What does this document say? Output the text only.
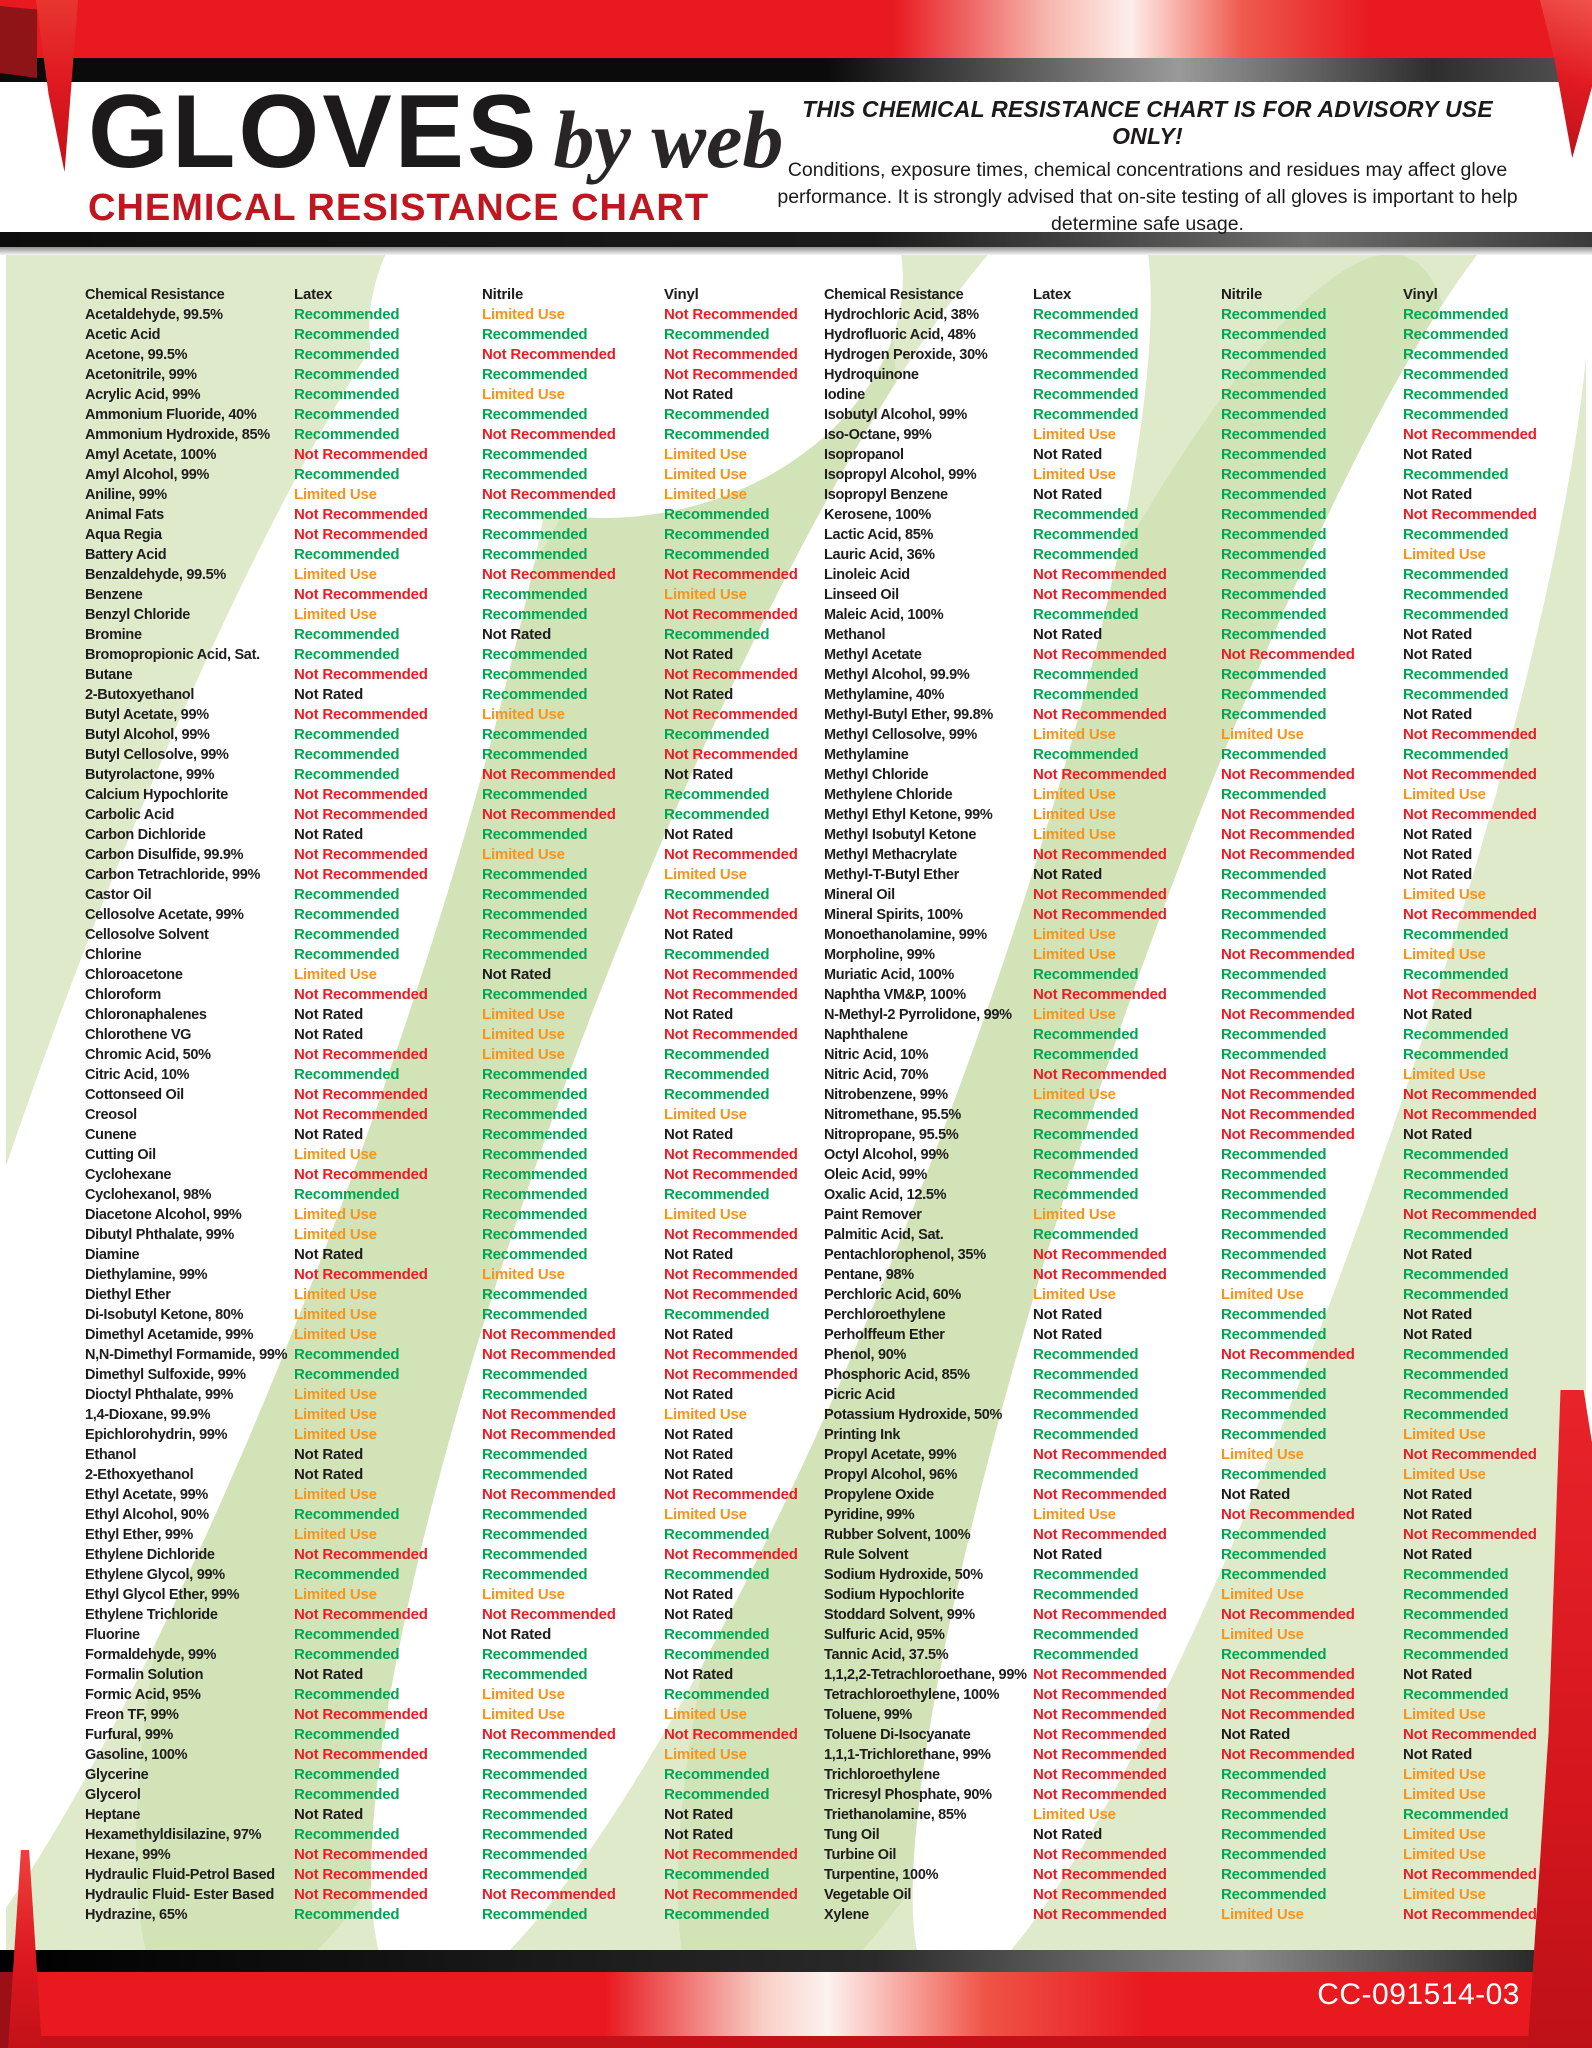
GLOVES by web
CHEMICAL RESISTANCE CHART
THIS CHEMICAL RESISTANCE CHART IS FOR ADVISORY USE ONLY!
Conditions, exposure times, chemical concentrations and residues may affect glove performance. It is strongly advised that on-site testing of all gloves is important to help determine safe usage.
Chemical Resistance	Latex	Nitrile	Vinyl
Acetaldehyde, 99.5%	Recommended	Limited Use	Not Recommended
Acetic Acid	Recommended	Recommended	Recommended
Acetone, 99.5%	Recommended	Not Recommended	Not Recommended
Acetonitrile, 99%	Recommended	Recommended	Not Recommended
Acrylic Acid, 99%	Recommended	Limited Use	Not Rated
Ammonium Fluoride, 40%	Recommended	Recommended	Recommended
Ammonium Hydroxide, 85%	Recommended	Not Recommended	Recommended
Amyl Acetate, 100%	Not Recommended	Recommended	Limited Use
Amyl Alcohol, 99%	Recommended	Recommended	Limited Use
Aniline, 99%	Limited Use	Not Recommended	Limited Use
Animal Fats	Not Recommended	Recommended	Recommended
Aqua Regia	Not Recommended	Recommended	Recommended
Battery Acid	Recommended	Recommended	Recommended
Benzaldehyde, 99.5%	Limited Use	Not Recommended	Not Recommended
Benzene	Not Recommended	Recommended	Limited Use
Benzyl Chloride	Limited Use	Recommended	Not Recommended
Bromine	Recommended	Not Rated	Recommended
Bromopropionic Acid, Sat.	Recommended	Recommended	Not Rated
Butane	Not Recommended	Recommended	Not Recommended
2-Butoxyethanol	Not Rated	Recommended	Not Rated
Butyl Acetate, 99%	Not Recommended	Limited Use	Not Recommended
Butyl Alcohol, 99%	Recommended	Recommended	Recommended
Butyl Cellosolve, 99%	Recommended	Recommended	Not Recommended
Butyrolactone, 99%	Recommended	Not Recommended	Not Rated
Calcium Hypochlorite	Not Recommended	Recommended	Recommended
Carbolic Acid	Not Recommended	Not Recommended	Recommended
Carbon Dichloride	Not Rated	Recommended	Not Rated
Carbon Disulfide, 99.9%	Not Recommended	Limited Use	Not Recommended
Carbon Tetrachloride, 99%	Not Recommended	Recommended	Limited Use
Castor Oil	Recommended	Recommended	Recommended
Cellosolve Acetate, 99%	Recommended	Recommended	Not Recommended
Cellosolve Solvent	Recommended	Recommended	Not Rated
Chlorine	Recommended	Recommended	Recommended
Chloroacetone	Limited Use	Not Rated	Not Recommended
Chloroform	Not Recommended	Recommended	Not Recommended
Chloronaphalenes	Not Rated	Limited Use	Not Rated
Chlorothene VG	Not Rated	Limited Use	Not Recommended
Chromic Acid, 50%	Not Recommended	Limited Use	Recommended
Citric Acid, 10%	Recommended	Recommended	Recommended
Cottonseed Oil	Not Recommended	Recommended	Recommended
Creosol	Not Recommended	Recommended	Limited Use
Cunene	Not Rated	Recommended	Not Rated
Cutting Oil	Limited Use	Recommended	Not Recommended
Cyclohexane	Not Recommended	Recommended	Not Recommended
Cyclohexanol, 98%	Recommended	Recommended	Recommended
Diacetone Alcohol, 99%	Limited Use	Recommended	Limited Use
Dibutyl Phthalate, 99%	Limited Use	Recommended	Not Recommended
Diamine	Not Rated	Recommended	Not Rated
Diethylamine, 99%	Not Recommended	Limited Use	Not Recommended
Diethyl Ether	Limited Use	Recommended	Not Recommended
Di-Isobutyl Ketone, 80%	Limited Use	Recommended	Recommended
Dimethyl Acetamide, 99%	Limited Use	Not Recommended	Not Rated
N,N-Dimethyl Formamide, 99% Recommended	Not Recommended	Not Recommended
Dimethyl Sulfoxide, 99%	Recommended	Recommended	Not Recommended
Dioctyl Phthalate, 99%	Limited Use	Recommended	Not Rated
1,4-Dioxane, 99.9%	Limited Use	Not Recommended	Limited Use
Epichlorohydrin, 99%	Limited Use	Not Recommended	Not Rated
Ethanol	Not Rated	Recommended	Not Rated
2-Ethoxyethanol	Not Rated	Recommended	Not Rated
Ethyl Acetate, 99%	Limited Use	Not Recommended	Not Recommended
Ethyl Alcohol, 90%	Recommended	Recommended	Limited Use
Ethyl Ether, 99%	Limited Use	Recommended	Recommended
Ethylene Dichloride	Not Recommended	Recommended	Not Recommended
Ethylene Glycol, 99%	Recommended	Recommended	Recommended
Ethyl Glycol Ether, 99%	Limited Use	Limited Use	Not Rated
Ethylene Trichloride	Not Recommended	Not Recommended	Not Rated
Fluorine	Recommended	Not Rated	Recommended
Formaldehyde, 99%	Recommended	Recommended	Recommended
Formalin Solution	Not Rated	Recommended	Not Rated
Formic Acid, 95%	Recommended	Limited Use	Recommended
Freon TF, 99%	Not Recommended	Limited Use	Limited Use
Furfural, 99%	Recommended	Not Recommended	Not Recommended
Gasoline, 100%	Not Recommended	Recommended	Limited Use
Glycerine	Recommended	Recommended	Recommended
Glycerol	Recommended	Recommended	Recommended
Heptane	Not Rated	Recommended	Not Rated
Hexamethyldisilazine, 97%	Recommended	Recommended	Not Rated
Hexane, 99%	Not Recommended	Recommended	Not Recommended
Hydraulic Fluid-Petrol Based	Not Recommended	Recommended	Recommended
Hydraulic Fluid- Ester Based	Not Recommended	Not Recommended	Not Recommended
Hydrazine, 65%	Recommended	Recommended	Recommended
Chemical Resistance	Latex	Nitrile	Vinyl
Hydrochloric Acid, 38%	Recommended	Recommended	Recommended
Hydrofluoric Acid, 48%	Recommended	Recommended	Recommended
Hydrogen Peroxide, 30%	Recommended	Recommended	Recommended
Hydroquinone	Recommended	Recommended	Recommended
Iodine	Recommended	Recommended	Recommended
Isobutyl Alcohol, 99%	Recommended	Recommended	Recommended
Iso-Octane, 99%	Limited Use	Recommended	Not Recommended
Isopropanol	Not Rated	Recommended	Not Rated
Isopropyl Alcohol, 99%	Limited Use	Recommended	Recommended
Isopropyl Benzene	Not Rated	Recommended	Not Rated
Kerosene, 100%	Recommended	Recommended	Not Recommended
Lactic Acid, 85%	Recommended	Recommended	Recommended
Lauric Acid, 36%	Recommended	Recommended	Limited Use
Linoleic Acid	Not Recommended	Recommended	Recommended
Linseed Oil	Not Recommended	Recommended	Recommended
Maleic Acid, 100%	Recommended	Recommended	Recommended
Methanol	Not Rated	Recommended	Not Rated
Methyl Acetate	Not Recommended	Not Recommended	Not Rated
Methyl Alcohol, 99.9%	Recommended	Recommended	Recommended
Methylamine, 40%	Recommended	Recommended	Recommended
Methyl-Butyl Ether, 99.8%	Not Recommended	Recommended	Not Rated
Methyl Cellosolve, 99%	Limited Use	Limited Use	Not Recommended
Methylamine	Recommended	Recommended	Recommended
Methyl Chloride	Not Recommended	Not Recommended	Not Recommended
Methylene Chloride	Limited Use	Recommended	Limited Use
Methyl Ethyl Ketone, 99%	Limited Use	Not Recommended	Not Recommended
Methyl Isobutyl Ketone	Limited Use	Not Recommended	Not Rated
Methyl Methacrylate	Not Recommended	Not Recommended	Not Rated
Methyl-T-Butyl Ether	Not Rated	Recommended	Not Rated
Mineral Oil	Not Recommended	Recommended	Limited Use
Mineral Spirits, 100%	Not Recommended	Recommended	Not Recommended
Monoethanolamine, 99%	Limited Use	Recommended	Recommended
Morpholine, 99%	Limited Use	Not Recommended	Limited Use
Muriatic Acid, 100%	Recommended	Recommended	Recommended
Naphtha VM&P, 100%	Not Recommended	Recommended	Not Recommended
N-Methyl-2 Pyrrolidone, 99%	Limited Use	Not Recommended	Not Rated
Naphthalene	Recommended	Recommended	Recommended
Nitric Acid, 10%	Recommended	Recommended	Recommended
Nitric Acid, 70%	Not Recommended	Not Recommended	Limited Use
Nitrobenzene, 99%	Limited Use	Not Recommended	Not Recommended
Nitromethane, 95.5%	Recommended	Not Recommended	Not Recommended
Nitropropane, 95.5%	Recommended	Not Recommended	Not Rated
Octyl Alcohol, 99%	Recommended	Recommended	Recommended
Oleic Acid, 99%	Recommended	Recommended	Recommended
Oxalic Acid, 12.5%	Recommended	Recommended	Recommended
Paint Remover	Limited Use	Recommended	Not Recommended
Palmitic Acid, Sat.	Recommended	Recommended	Recommended
Pentachlorophenol, 35%	Not Recommended	Recommended	Not Rated
Pentane, 98%	Not Recommended	Recommended	Recommended
Perchloric Acid, 60%	Limited Use	Limited Use	Recommended
Perchloroethylene	Not Rated	Recommended	Not Rated
Perholffeum Ether	Not Rated	Recommended	Not Rated
Phenol, 90%	Recommended	Not Recommended	Recommended
Phosphoric Acid, 85%	Recommended	Recommended	Recommended
Picric Acid	Recommended	Recommended	Recommended
Potassium Hydroxide, 50%	Recommended	Recommended	Recommended
Printing Ink	Recommended	Recommended	Limited Use
Propyl Acetate, 99%	Not Recommended	Limited Use	Not Recommended
Propyl Alcohol, 96%	Recommended	Recommended	Limited Use
Propylene Oxide	Not Recommended	Not Rated	Not Rated
Pyridine, 99%	Limited Use	Not Recommended	Not Rated
Rubber Solvent, 100%	Not Recommended	Recommended	Not Recommended
Rule Solvent	Not Rated	Recommended	Not Rated
Sodium Hydroxide, 50%	Recommended	Recommended	Recommended
Sodium Hypochlorite	Recommended	Limited Use	Recommended
Stoddard Solvent, 99%	Not Recommended	Not Recommended	Recommended
Sulfuric Acid, 95%	Recommended	Limited Use	Recommended
Tannic Acid, 37.5%	Recommended	Recommended	Recommended
1,1,2,2-Tetrachloroethane, 99% Not Recommended	Not Recommended	Not Rated
Tetrachloroethylene, 100%	Not Recommended	Not Recommended	Recommended
Toluene, 99%	Not Recommended	Not Recommended	Limited Use
Toluene Di-Isocyanate	Not Recommended	Not Rated	Not Recommended
1,1,1-Trichlorethane, 99%	Not Recommended	Not Recommended	Not Rated
Trichloroethylene	Not Recommended	Recommended	Limited Use
Tricresyl Phosphate, 90%	Not Recommended	Recommended	Limited Use
Triethanolamine, 85%	Limited Use	Recommended	Recommended
Tung Oil	Not Rated	Recommended	Limited Use
Turbine Oil	Not Recommended	Recommended	Limited Use
Turpentine, 100%	Not Recommended	Recommended	Not Recommended
Vegetable Oil	Not Recommended	Recommended	Limited Use
Xylene	Not Recommended	Limited Use	Not Recommended
CC-091514-03
